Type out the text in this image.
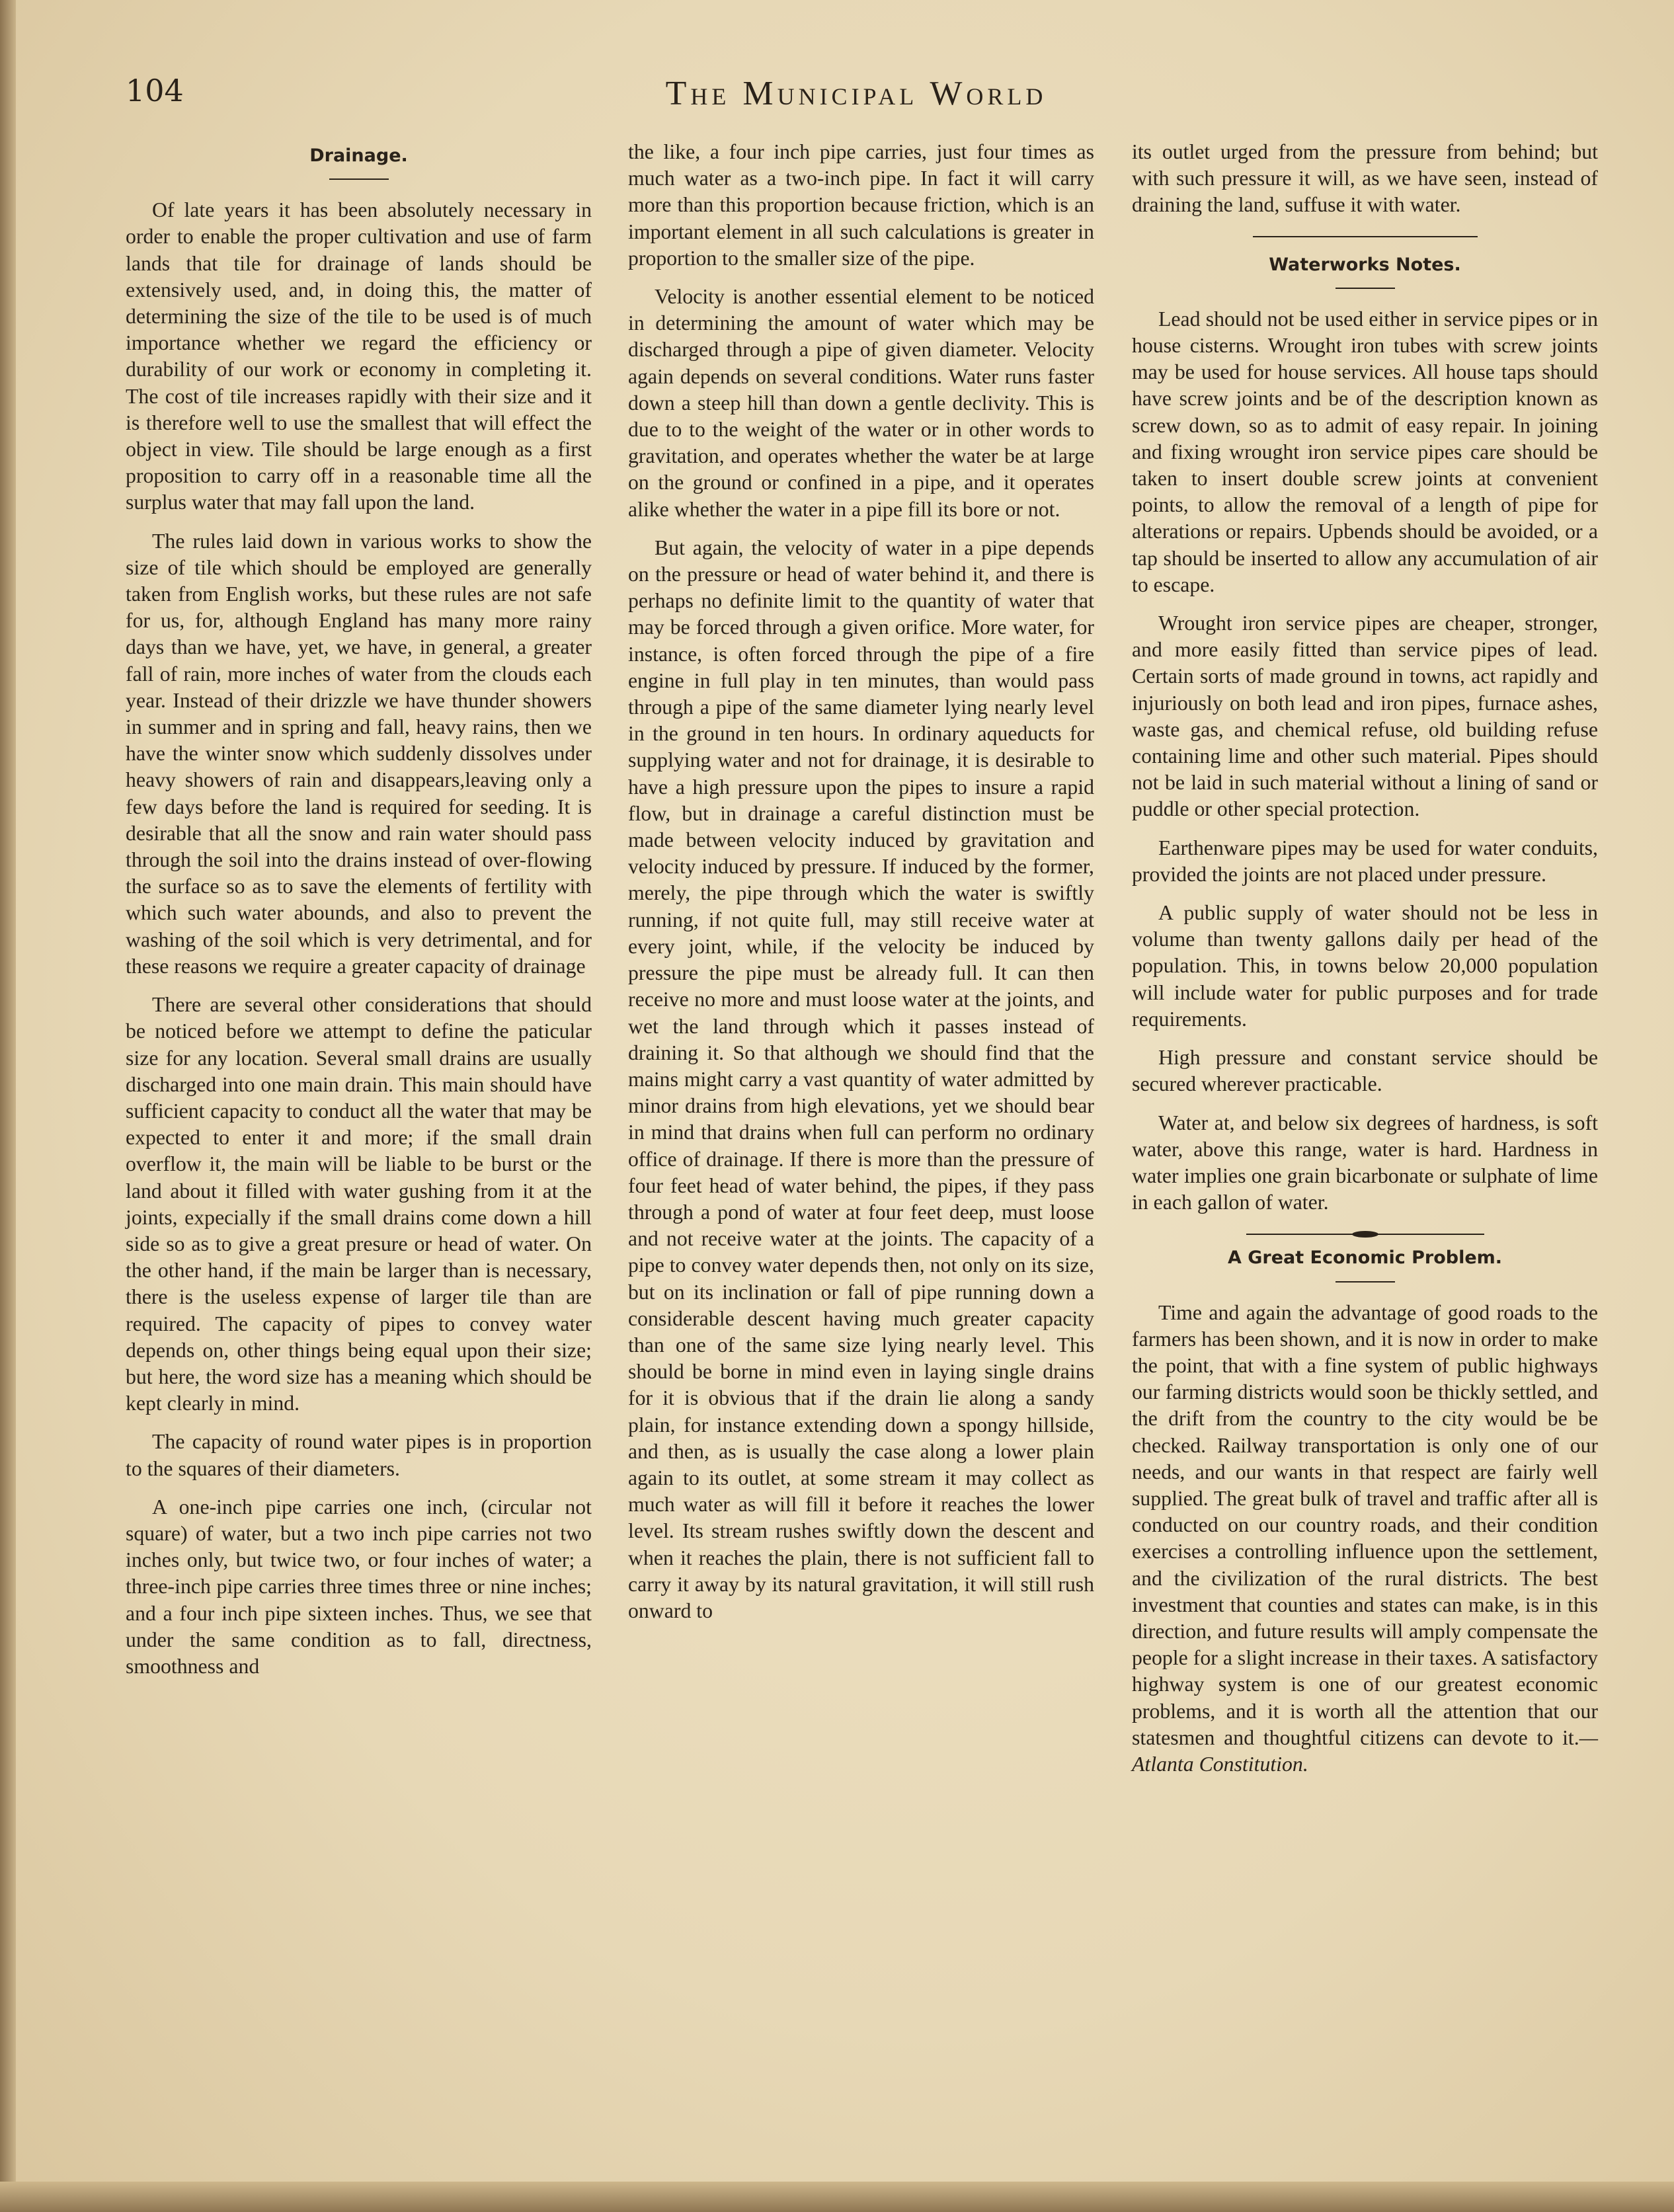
104	The Municipal World
Drainage.

Of late years it has been absolutely necessary in order to enable the proper cultivation and use of farm lands that tile for drainage of lands should be extensively used, and, in doing this, the matter of determining the size of the tile to be used is of much importance whether we regard the efficiency or durability of our work or economy in completing it. The cost of tile increases rapidly with their size and it is therefore well to use the smallest that will effect the object in view. Tile should be large enough as a first proposition to carry off in a reasonable time all the surplus water that may fall upon the land.

The rules laid down in various works to show the size of tile which should be employed are generally taken from English works, but these rules are not safe for us, for, although England has many more rainy days than we have, yet, we have, in general, a greater fall of rain, more inches of water from the clouds each year. Instead of their drizzle we have thunder showers in summer and in spring and fall, heavy rains, then we have the winter snow which suddenly dissolves under heavy showers of rain and disappears,leaving only a few days before the land is required for seeding. It is desirable that all the snow and rain water should pass through the soil into the drains instead of over-flowing the surface so as to save the elements of fertility with which such water abounds, and also to prevent the washing of the soil which is very detrimental, and for these reasons we require a greater capacity of drainage

There are several other considerations that should be noticed before we attempt to define the paticular size for any location. Several small drains are usually discharged into one main drain. This main should have sufficient capacity to conduct all the water that may be expected to enter it and more; if the small drain overflow it, the main will be liable to be burst or the land about it filled with water gushing from it at the joints, expecially if the small drains come down a hill side so as to give a great presure or head of water. On the other hand, if the main be larger than is necessary, there is the useless expense of larger tile than are required. The capacity of pipes to convey water depends on, other things being equal upon their size; but here, the word size has a meaning which should be kept clearly in mind.

The capacity of round water pipes is in proportion to the squares of their diameters.

A one-inch pipe carries one inch, (circular not square) of water, but a two inch pipe carries not two inches only, but twice two, or four inches of water; a three-inch pipe carries three times three or nine inches; and a four inch pipe sixteen inches. Thus, we see that under the same condition as to fall, directness, smoothness and

the like, a four inch pipe carries, just four times as much water as a two-inch pipe. In fact it will carry more than this proportion because friction, which is an important element in all such calculations is greater in proportion to the smaller size of the pipe.

Velocity is another essential element to be noticed in determining the amount of water which may be discharged through a pipe of given diameter. Velocity again depends on several conditions. Water runs faster down a steep hill than down a gentle declivity. This is due to to the weight of the water or in other words to gravitation, and operates whether the water be at large on the ground or confined in a pipe, and it operates alike whether the water in a pipe fill its bore or not.

But again, the velocity of water in a pipe depends on the pressure or head of water behind it, and there is perhaps no definite limit to the quantity of water that may be forced through a given orifice. More water, for instance, is often forced through the pipe of a fire engine in full play in ten minutes, than would pass through a pipe of the same diameter lying nearly level in the ground in ten hours. In ordinary aqueducts for supplying water and not for drainage, it is desirable to have a high pressure upon the pipes to insure a rapid flow, but in drainage a careful distinction must be made between velocity induced by gravitation and velocity induced by pressure. If induced by the former, merely, the pipe through which the water is swiftly running, if not quite full, may still receive water at every joint, while, if the velocity be induced by pressure the pipe must be already full. It can then receive no more and must loose water at the joints, and wet the land through which it passes instead of draining it. So that although we should find that the mains might carry a vast quantity of water admitted by minor drains from high elevations, yet we should bear in mind that drains when full can perform no ordinary office of drainage. If there is more than the pressure of four feet head of water behind, the pipes, if they pass through a pond of water at four feet deep, must loose and not receive water at the joints. The capacity of a pipe to convey water depends then, not only on its size, but on its inclination or fall of pipe running down a considerable descent having much greater capacity than one of the same size lying nearly level. This should be borne in mind even in laying single drains for it is obvious that if the drain lie along a sandy plain, for instance extending down a spongy hillside, and then, as is usually the case along a lower plain again to its outlet, at some stream it may collect as much water as will fill it before it reaches the lower level. Its stream rushes swiftly down the descent and when it reaches the plain, there is not sufficient fall to carry it away by its natural gravitation, it will still rush onward to

its outlet urged from the pressure from behind; but with such pressure it will, as we have seen, instead of draining the land, suffuse it with water.

Waterworks Notes.

Lead should not be used either in service pipes or in house cisterns. Wrought iron tubes with screw joints may be used for house services. All house taps should have screw joints and be of the description known as screw down, so as to admit of easy repair. In joining and fixing wrought iron service pipes care should be taken to insert double screw joints at convenient points, to allow the removal of a length of pipe for alterations or repairs. Upbends should be avoided, or a tap should be inserted to allow any accumulation of air to escape.

Wrought iron service pipes are cheaper, stronger, and more easily fitted than service pipes of lead. Certain sorts of made ground in towns, act rapidly and injuriously on both lead and iron pipes, furnace ashes, waste gas, and chemical refuse, old building refuse containing lime and other such material. Pipes should not be laid in such material without a lining of sand or puddle or other special protection.

Earthenware pipes may be used for water conduits, provided the joints are not placed under pressure.

A public supply of water should not be less in volume than twenty gallons daily per head of the population. This, in towns below 20,000 population will include water for public purposes and for trade requirements.

High pressure and constant service should be secured wherever practicable.

Water at, and below six degrees of hardness, is soft water, above this range, water is hard. Hardness in water implies one grain bicarbonate or sulphate of lime in each gallon of water.

A Great Economic Problem.

Time and again the advantage of good roads to the farmers has been shown, and it is now in order to make the point, that with a fine system of public highways our farming districts would soon be thickly settled, and the drift from the country to the city would be be checked. Railway transportation is only one of our needs, and our wants in that respect are fairly well supplied. The great bulk of travel and traffic after all is conducted on our country roads, and their condition exercises a controlling influence upon the settlement, and the civilization of the rural districts. The best investment that counties and states can make, is in this direction, and future results will amply compensate the people for a slight increase in their taxes. A satisfactory highway system is one of our greatest economic problems, and it is worth all the attention that our statesmen and thoughtful citizens can devote to it.—Atlanta Constitution.
